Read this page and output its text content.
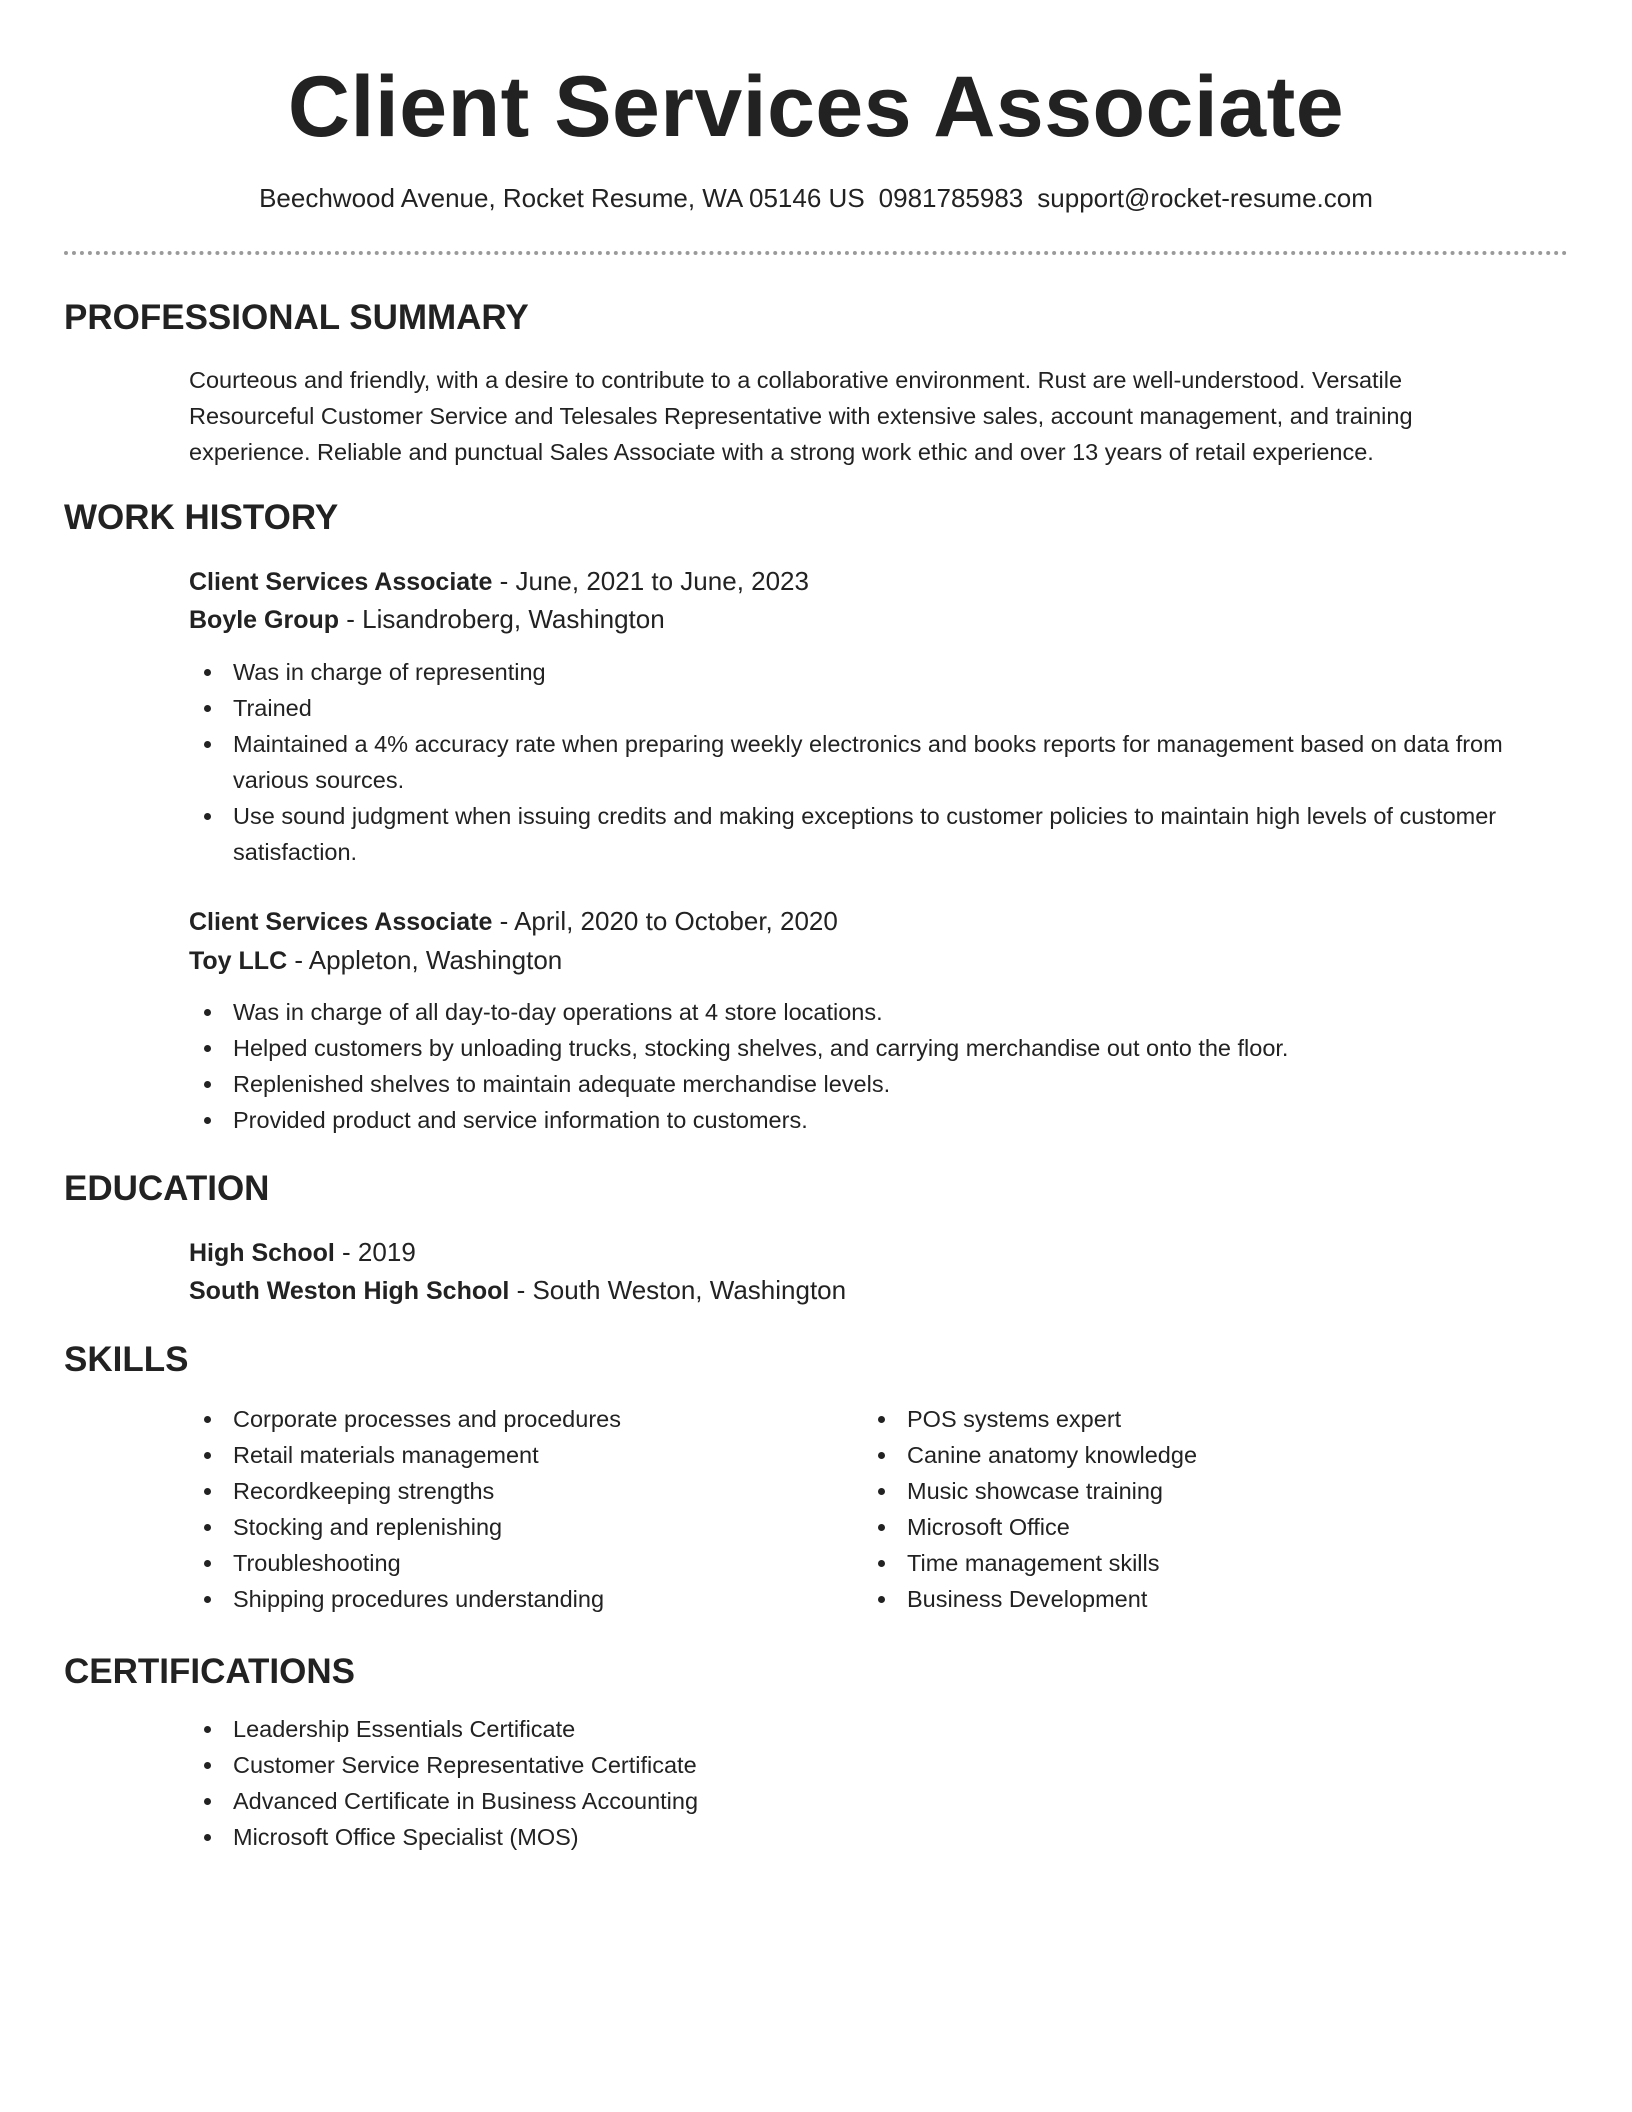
Client Services Associate
Beechwood Avenue, Rocket Resume, WA 05146 US 0981785983 support@rocket-resume.com
PROFESSIONAL SUMMARY
Courteous and friendly, with a desire to contribute to a collaborative environment. Rust are well-understood. Versatile Resourceful Customer Service and Telesales Representative with extensive sales, account management, and training experience. Reliable and punctual Sales Associate with a strong work ethic and over 13 years of retail experience.
WORK HISTORY
Client Services Associate - June, 2021 to June, 2023
Boyle Group - Lisandroberg, Washington
Was in charge of representing
Trained
Maintained a 4% accuracy rate when preparing weekly electronics and books reports for management based on data from various sources.
Use sound judgment when issuing credits and making exceptions to customer policies to maintain high levels of customer satisfaction.
Client Services Associate - April, 2020 to October, 2020
Toy LLC - Appleton, Washington
Was in charge of all day-to-day operations at 4 store locations.
Helped customers by unloading trucks, stocking shelves, and carrying merchandise out onto the floor.
Replenished shelves to maintain adequate merchandise levels.
Provided product and service information to customers.
EDUCATION
High School - 2019
South Weston High School - South Weston, Washington
SKILLS
Corporate processes and procedures
Retail materials management
Recordkeeping strengths
Stocking and replenishing
Troubleshooting
Shipping procedures understanding
POS systems expert
Canine anatomy knowledge
Music showcase training
Microsoft Office
Time management skills
Business Development
CERTIFICATIONS
Leadership Essentials Certificate
Customer Service Representative Certificate
Advanced Certificate in Business Accounting
Microsoft Office Specialist (MOS)
